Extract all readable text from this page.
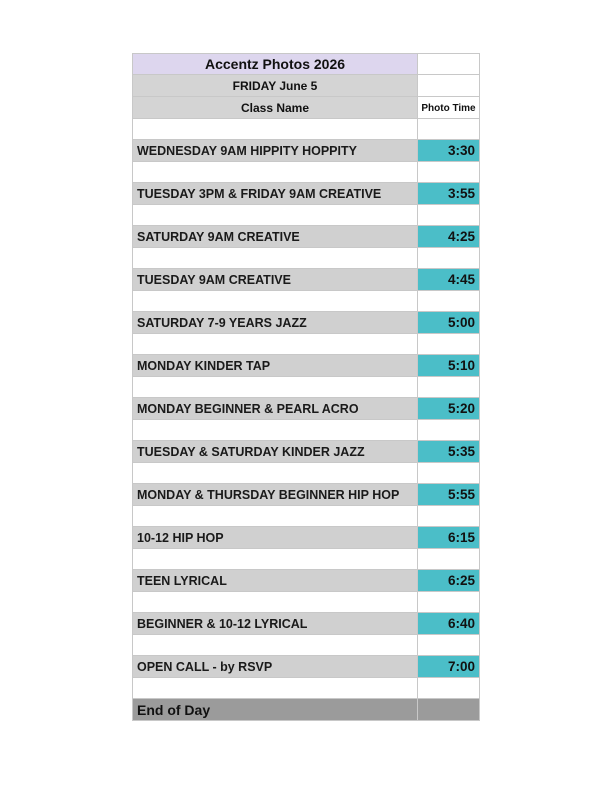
Accentz Photos 2026
FRIDAY June 5
Class Name	Photo Time
WEDNESDAY 9AM HIPPITY HOPPITY	3:30
TUESDAY 3PM & FRIDAY 9AM CREATIVE	3:55
SATURDAY 9AM CREATIVE	4:25
TUESDAY 9AM CREATIVE	4:45
SATURDAY 7-9 YEARS JAZZ	5:00
MONDAY KINDER TAP	5:10
MONDAY BEGINNER & PEARL ACRO	5:20
TUESDAY & SATURDAY KINDER JAZZ	5:35
MONDAY & THURSDAY BEGINNER HIP HOP	5:55
10-12 HIP HOP	6:15
TEEN LYRICAL	6:25
BEGINNER & 10-12 LYRICAL	6:40
OPEN CALL - by RSVP	7:00
End of Day
